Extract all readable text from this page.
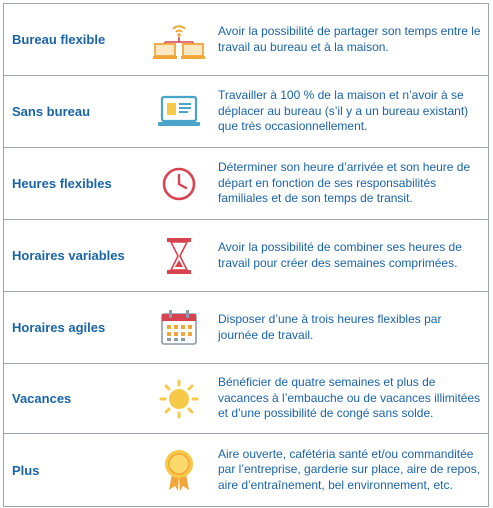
Bureau flexible
Avoir la possibilité de partager son temps entre le travail au bureau et à la maison.
Sans bureau
Travailler à 100 % de la maison et n’avoir à se déplacer au bureau (s’il y a un bureau existant) que très occasionnellement.
Heures flexibles
Déterminer son heure d’arrivée et son heure de départ en fonction de ses responsabilités familiales et de son temps de transit.
Horaires variables
Avoir la possibilité de combiner ses heures de travail pour créer des semaines comprimées.
Horaires agiles
Disposer d’une à trois heures flexibles par journée de travail.
Vacances
Bénéficier de quatre semaines et plus de vacances à l’embauche ou de vacances illimitées et d’une possibilité de congé sans solde.
Plus
Aire ouverte, cafétéria santé et/ou commanditée par l’entreprise, garderie sur place, aire de repos, aire d’entraînement, bel environnement, etc.
